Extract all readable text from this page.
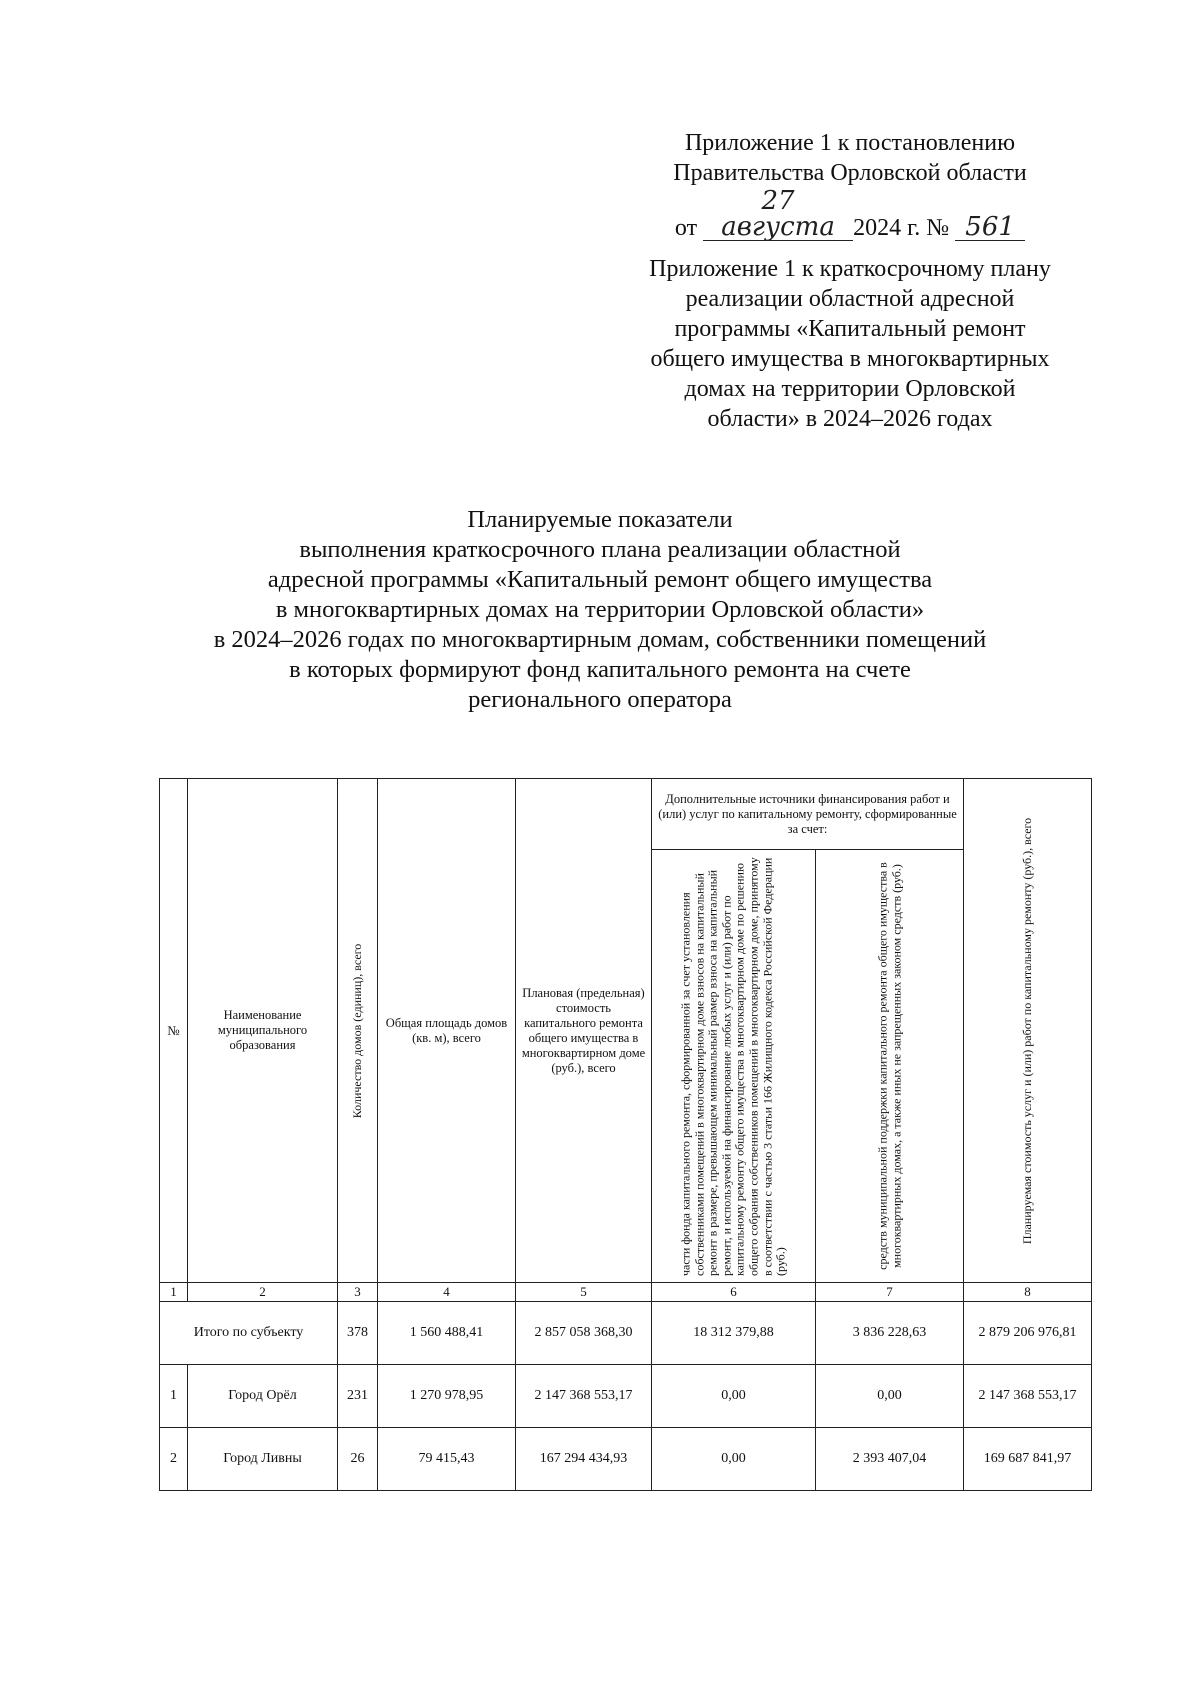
Приложение 1 к постановлению
Правительства Орловской области
от 27 августа 2024 г. № 561
Приложение 1 к краткосрочному плану
реализации областной адресной
программы «Капитальный ремонт
общего имущества в многоквартирных
домах на территории Орловской
области» в 2024–2026 годах
Планируемые показатели
выполнения краткосрочного плана реализации областной
адресной программы «Капитальный ремонт общего имущества
в многоквартирных домах на территории Орловской области»
в 2024–2026 годах по многоквартирным домам, собственники помещений
в которых формируют фонд капитального ремонта на счете
регионального оператора
№	Наименование муниципального образования	Количество домов (единиц), всего	Общая площадь домов (кв. м), всего	Плановая (предельная) стоимость капитального ремонта общего имущества в многоквартирном доме (руб.), всего	Дополнительные источники финансирования работ и (или) услуг по капитальному ремонту, сформированные за счет:		Планируемая стоимость услуг и (или) работ по капитальному ремонту (руб.), всего

					части фонда капитального ремонта, сформированной за счет установления собственниками помещений в многоквартирном доме взносов на капитальный ремонт в размере, превышающем минимальный размер взноса на капитальный ремонт, и используемой на финансирование любых услуг и (или) работ по капитальному ремонту общего имущества в многоквартирном доме по решению общего собрания собственников помещений в многоквартирном доме, принятому в соответствии с частью 3 статьи 166 Жилищного кодекса Российской Федерации (руб.)	средств муниципальной поддержки капитального ремонта общего имущества в многоквартирных домах, а также иных не запрещенных законом средств (руб.)	

1	2	3	4	5	6	7	8
Итого по субъекту		378	1 560 488,41	2 857 058 368,30	18 312 379,88	3 836 228,63	2 879 206 976,81
1	Город Орёл	231	1 270 978,95	2 147 368 553,17	0,00	0,00	2 147 368 553,17
2	Город Ливны	26	79 415,43	167 294 434,93	0,00	2 393 407,04	169 687 841,97
